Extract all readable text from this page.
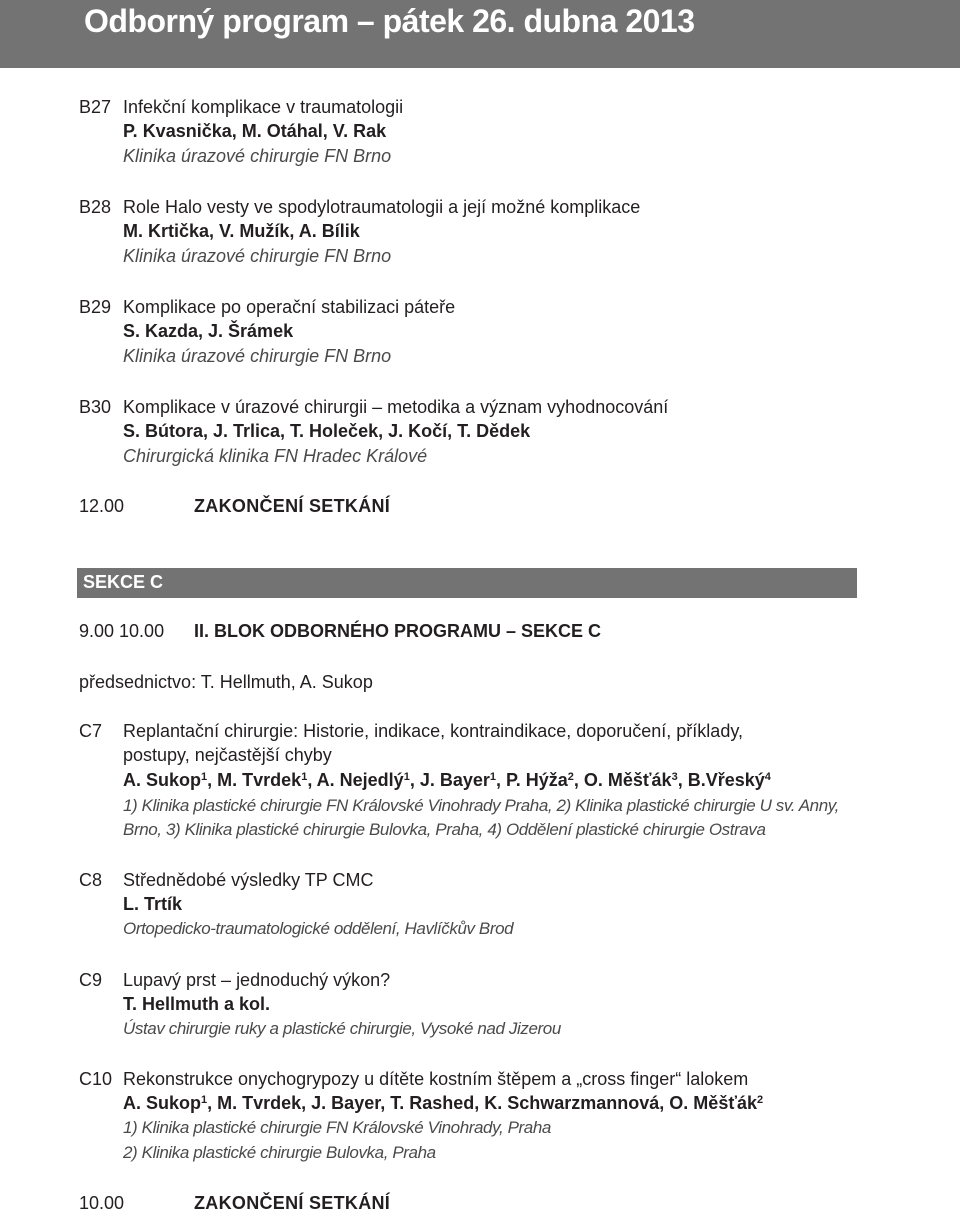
Odborný program – pátek 26. dubna 2013
B27 Infekční komplikace v traumatologii
P. Kvasnička, M. Otáhal, V. Rak
Klinika úrazové chirurgie FN Brno
B28 Role Halo vesty ve spodylotraumatologii a její možné komplikace
M. Krtička, V. Mužík, A. Bílik
Klinika úrazové chirurgie FN Brno
B29 Komplikace po operační stabilizaci páteře
S. Kazda, J. Šrámek
Klinika úrazové chirurgie FN Brno
B30 Komplikace v úrazové chirurgii – metodika a význam vyhodnocování
S. Bútora, J. Trlica, T. Holeček, J. Kočí, T. Dědek
Chirurgická klinika FN Hradec Králové
12.00	ZAKONČENÍ SETKÁNÍ
SEKCE C
9.00 10.00 II. BLOK ODBORNÉHO PROGRAMU – SEKCE C
předsednictvo: T. Hellmuth, A. Sukop
C7 Replantační chirurgie: Historie, indikace, kontraindikace, doporučení, příklady,
postupy, nejčastější chyby
A. Sukop$^1$, M. Tvrdek$^1$, A. Nejedlý$^1$, J. Bayer$^1$, P. Hýža$^2$, O. Měšťák$^3$, B.Vřeský$^4$
1) Klinika plastické chirurgie FN Královské Vinohrady Praha, 2) Klinika plastické chirurgie U sv. Anny,
Brno, 3) Klinika plastické chirurgie Bulovka, Praha, 4) Oddělení plastické chirurgie Ostrava
C8 Střednědobé výsledky TP CMC
L. Trtík
Ortopedicko-traumatologické oddělení, Havlíčkův Brod
C9 Lupavý prst – jednoduchý výkon?
T. Hellmuth a kol.
Ústav chirurgie ruky a plastické chirurgie, Vysoké nad Jizerou
C10 Rekonstrukce onychogrypozy u dítěte kostním štěpem a „cross finger“ lalokem
A. Sukop$^1$, M. Tvrdek, J. Bayer, T. Rashed, K. Schwarzmannová, O. Měšťák$^2$
1) Klinika plastické chirurgie FN Královské Vinohrady, Praha
2) Klinika plastické chirurgie Bulovka, Praha
10.00	ZAKONČENÍ SETKÁNÍ
